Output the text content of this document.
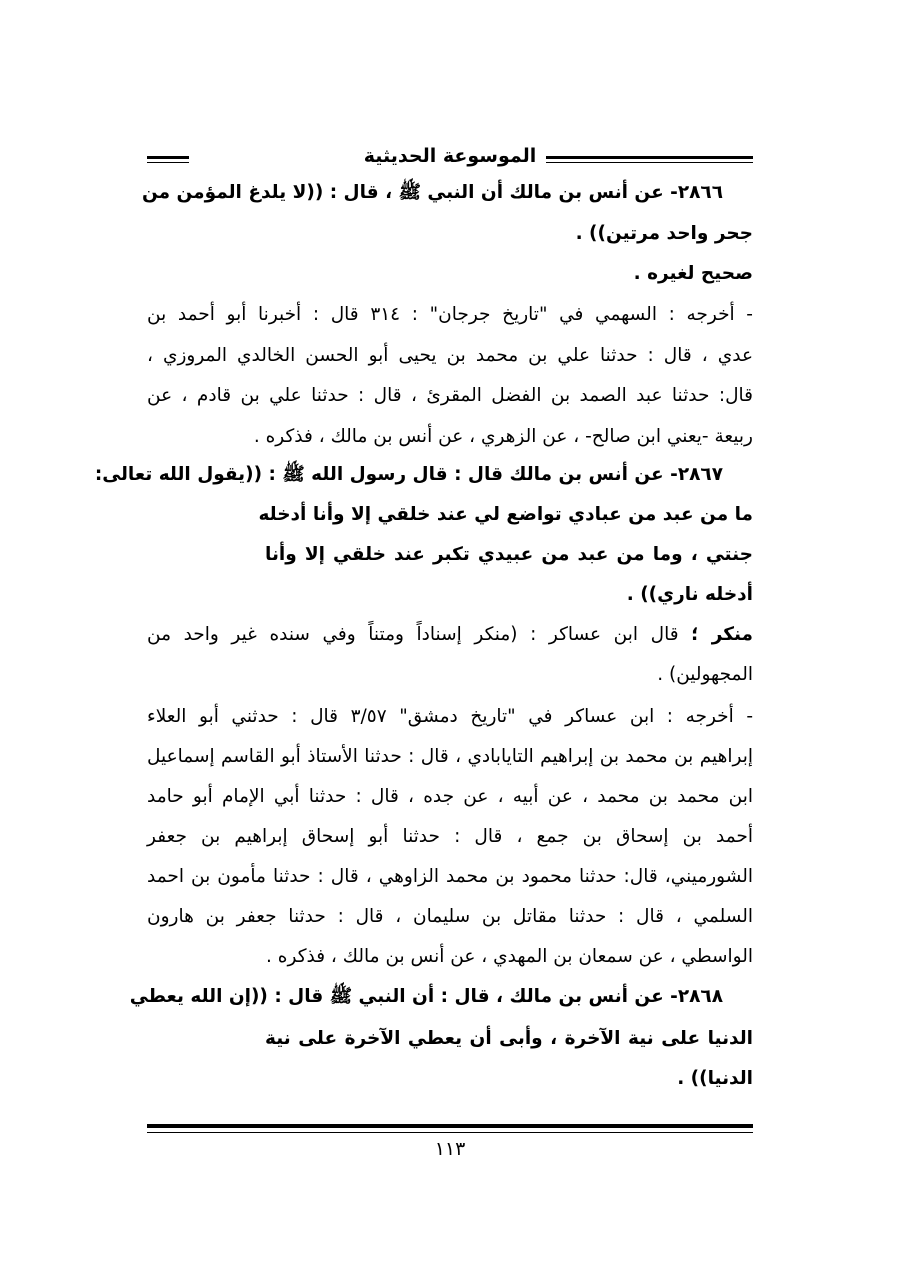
الموسوعة الحديثية
٢٨٦٦- عن أنس بن مالك أن النبي ﷺ ، قال : ((لا يلدغ المؤمن من
جحر واحد مرتين)) .
صحيح لغيره .
- أخرجه : السهمي في "تاريخ جرجان" : ٣١٤ قال : أخبرنا أبو أحمد بن
عدي ، قال : حدثنا علي بن محمد بن يحيى أبو الحسن الخالدي المروزي ،
قال: حدثنا عبد الصمد بن الفضل المقرئ ، قال : حدثنا علي بن قادم ، عن
ربيعة -يعني ابن صالح- ، عن الزهري ، عن أنس بن مالك ، فذكره .
٢٨٦٧- عن أنس بن مالك قال : قال رسول الله ﷺ : ((يقول الله تعالى:
ما من عبد من عبادي تواضع لي عند خلقي إلا وأنا أدخله
جنتي ، وما من عبد من عبيدي تكبر عند خلقي إلا وأنا
أدخله ناري)) .
منكر ؛ قال ابن عساكر : (منكر إسناداً ومتناً وفي سنده غير واحد من
المجهولين) .
- أخرجه : ابن عساكر في "تاريخ دمشق" ٣/٥٧ قال : حدثني أبو العلاء
إبراهيم بن محمد بن إبراهيم التايابادي ، قال : حدثنا الأستاذ أبو القاسم إسماعيل
ابن محمد بن محمد ، عن أبيه ، عن جده ، قال : حدثنا أبي الإمام أبو حامد
أحمد بن إسحاق بن جمع ، قال : حدثنا أبو إسحاق إبراهيم بن جعفر
الشورميني، قال: حدثنا محمود بن محمد الزاوهي ، قال : حدثنا مأمون بن احمد
السلمي ، قال : حدثنا مقاتل بن سليمان ، قال : حدثنا جعفر بن هارون
الواسطي ، عن سمعان بن المهدي ، عن أنس بن مالك ، فذكره .
٢٨٦٨- عن أنس بن مالك ، قال : أن النبي ﷺ قال : ((إن الله يعطي
الدنيا على نية الآخرة ، وأبى أن يعطي الآخرة على نية
الدنيا)) .
١١٣
